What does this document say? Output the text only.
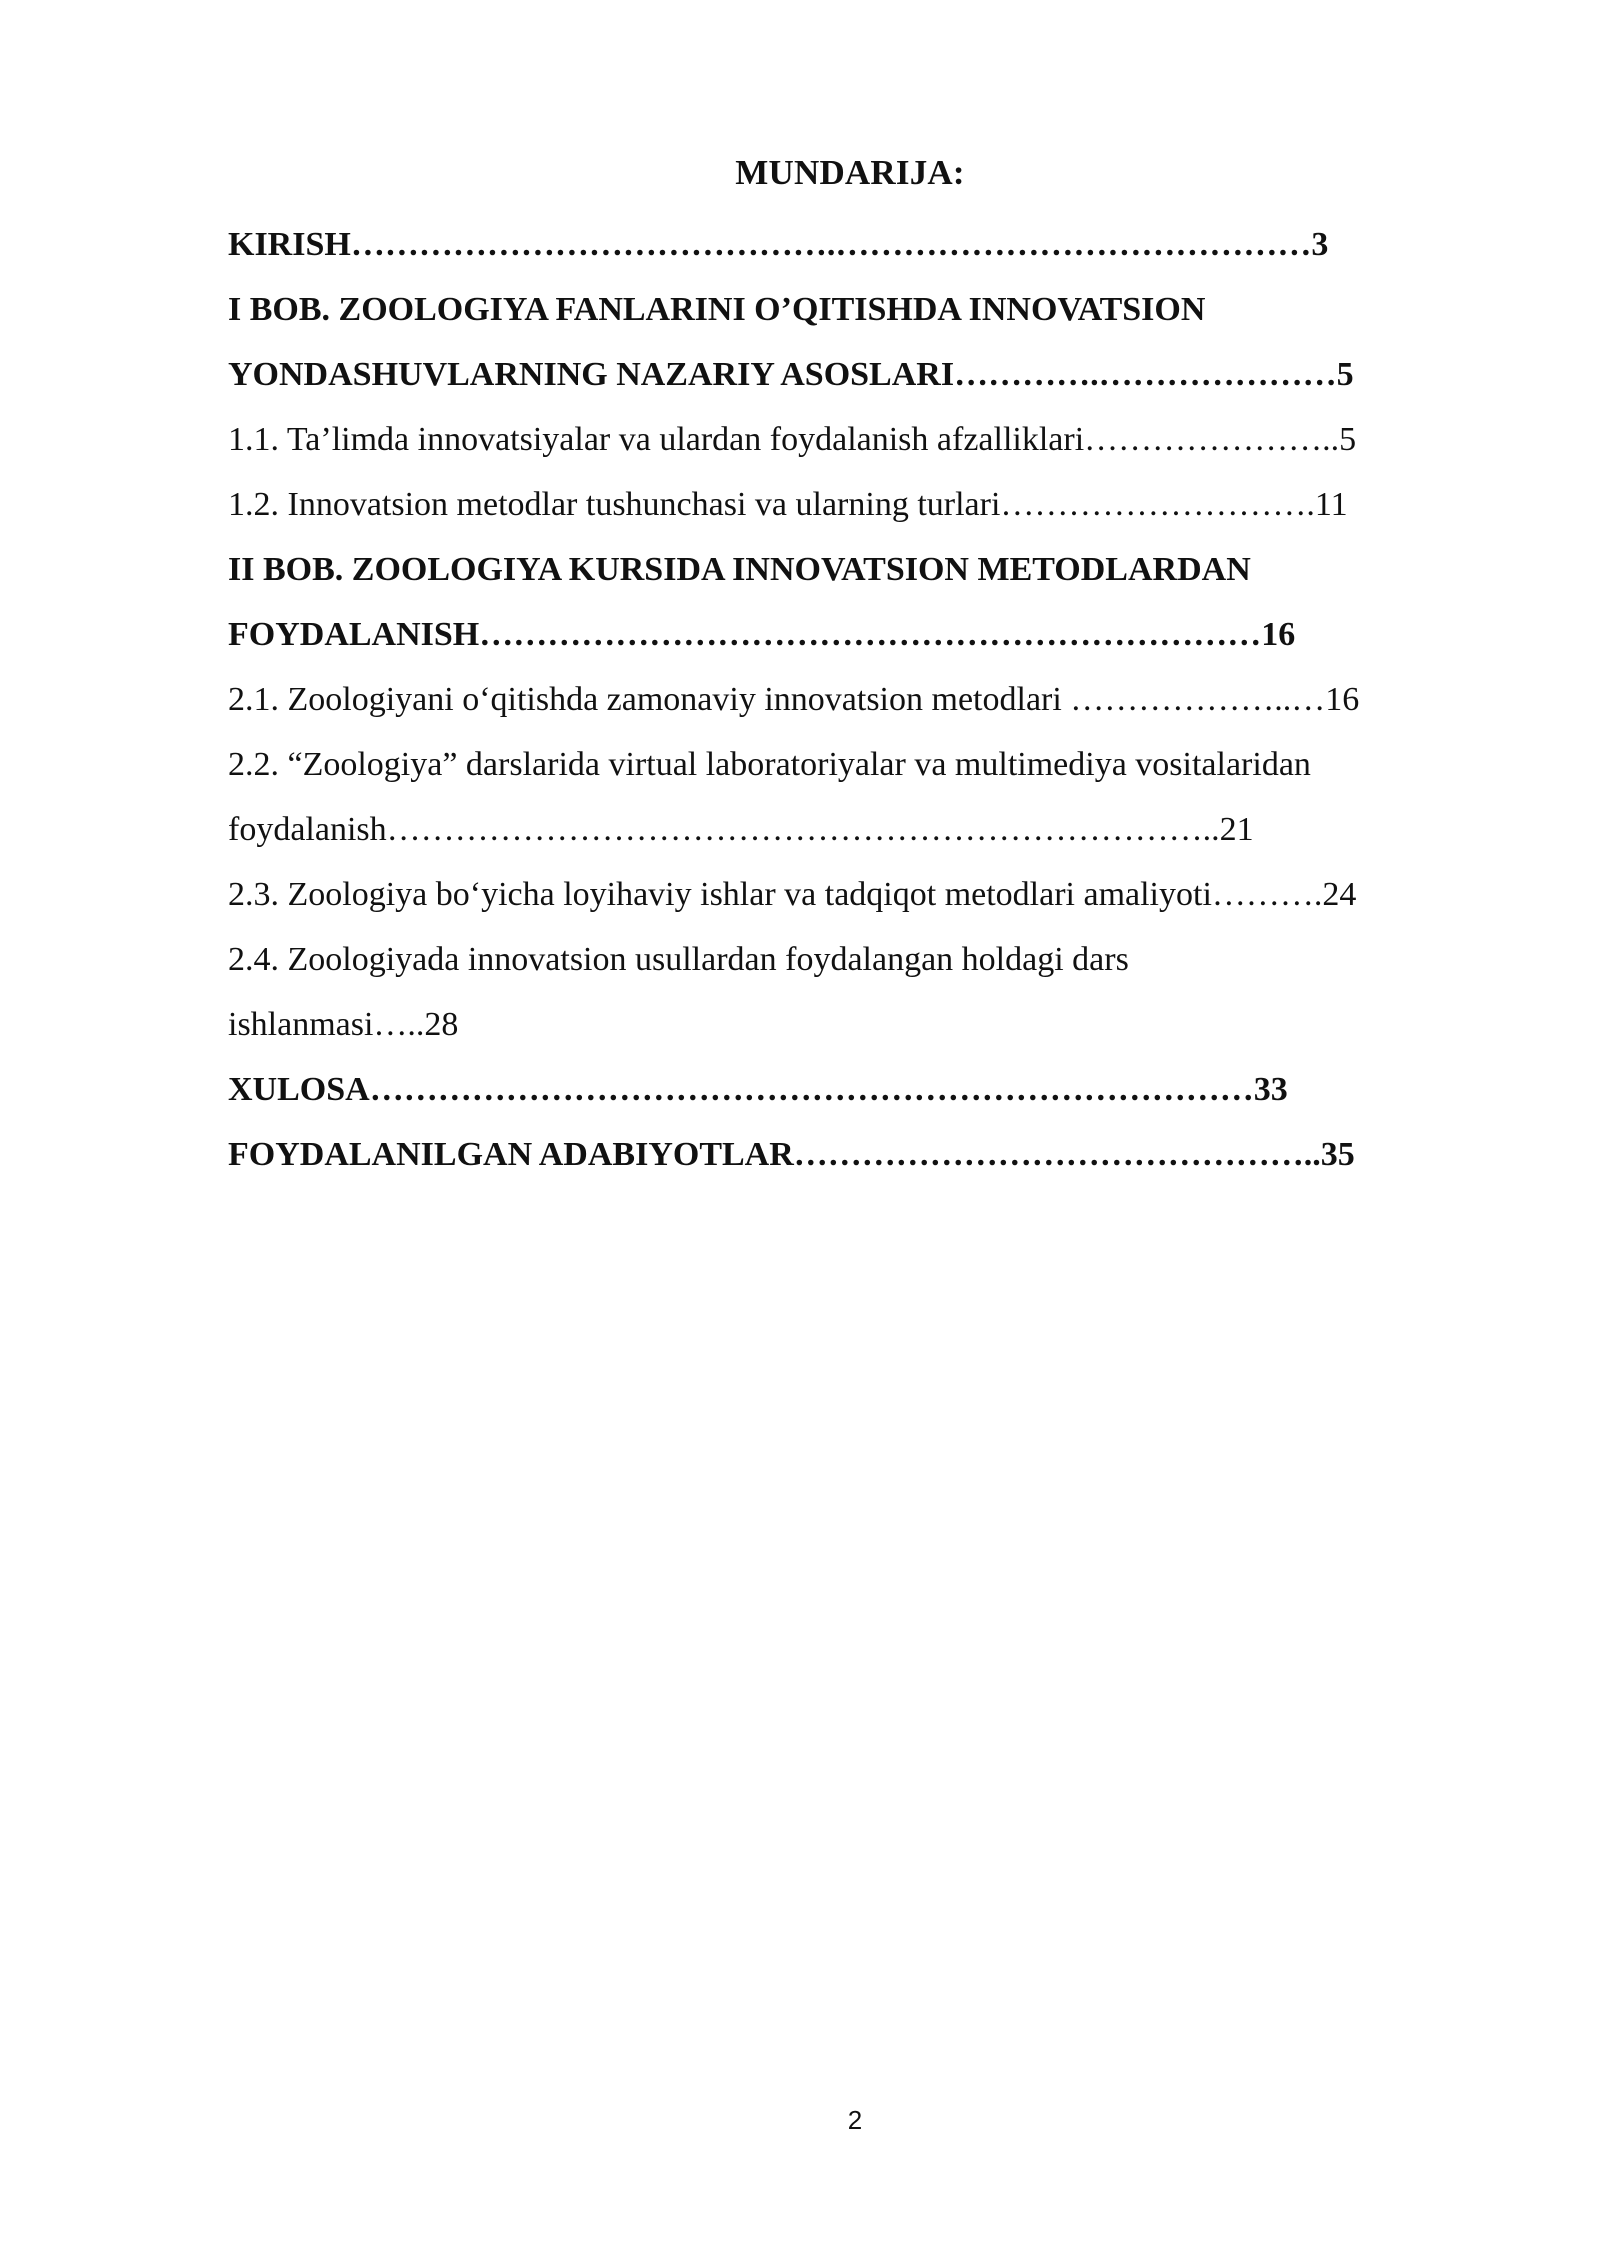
MUNDARIJA:
KIRISH…………………………………….……………………………………3
I BOB. ZOOLOGIYA FANLARINI O’QITISHDA INNOVATSION
YONDASHUVLARNING NAZARIY ASOSLARI………….…………………5
1.1. Ta’limda innovatsiyalar va ulardan foydalanish afzalliklari…………………..5
1.2. Innovatsion metodlar tushunchasi va ularning turlari……………………….11
II BOB. ZOOLOGIYA KURSIDA INNOVATSION METODLARDAN
FOYDALANISH……………………………………………………………16
2.1. Zoologiyani o‘qitishda zamonaviy innovatsion metodlari ………………..…16
2.2. “Zoologiya” darslarida virtual laboratoriyalar va multimediya vositalaridan
foydalanish………………………………………………………………..21
2.3. Zoologiya bo‘yicha loyihaviy ishlar va tadqiqot metodlari amaliyoti……….24
2.4. Zoologiyada innovatsion usullardan foydalangan holdagi dars
ishlanmasi…..28
XULOSA……………………………………………………………………33
FOYDALANILGAN ADABIYOTLAR………………………………………..35
2
